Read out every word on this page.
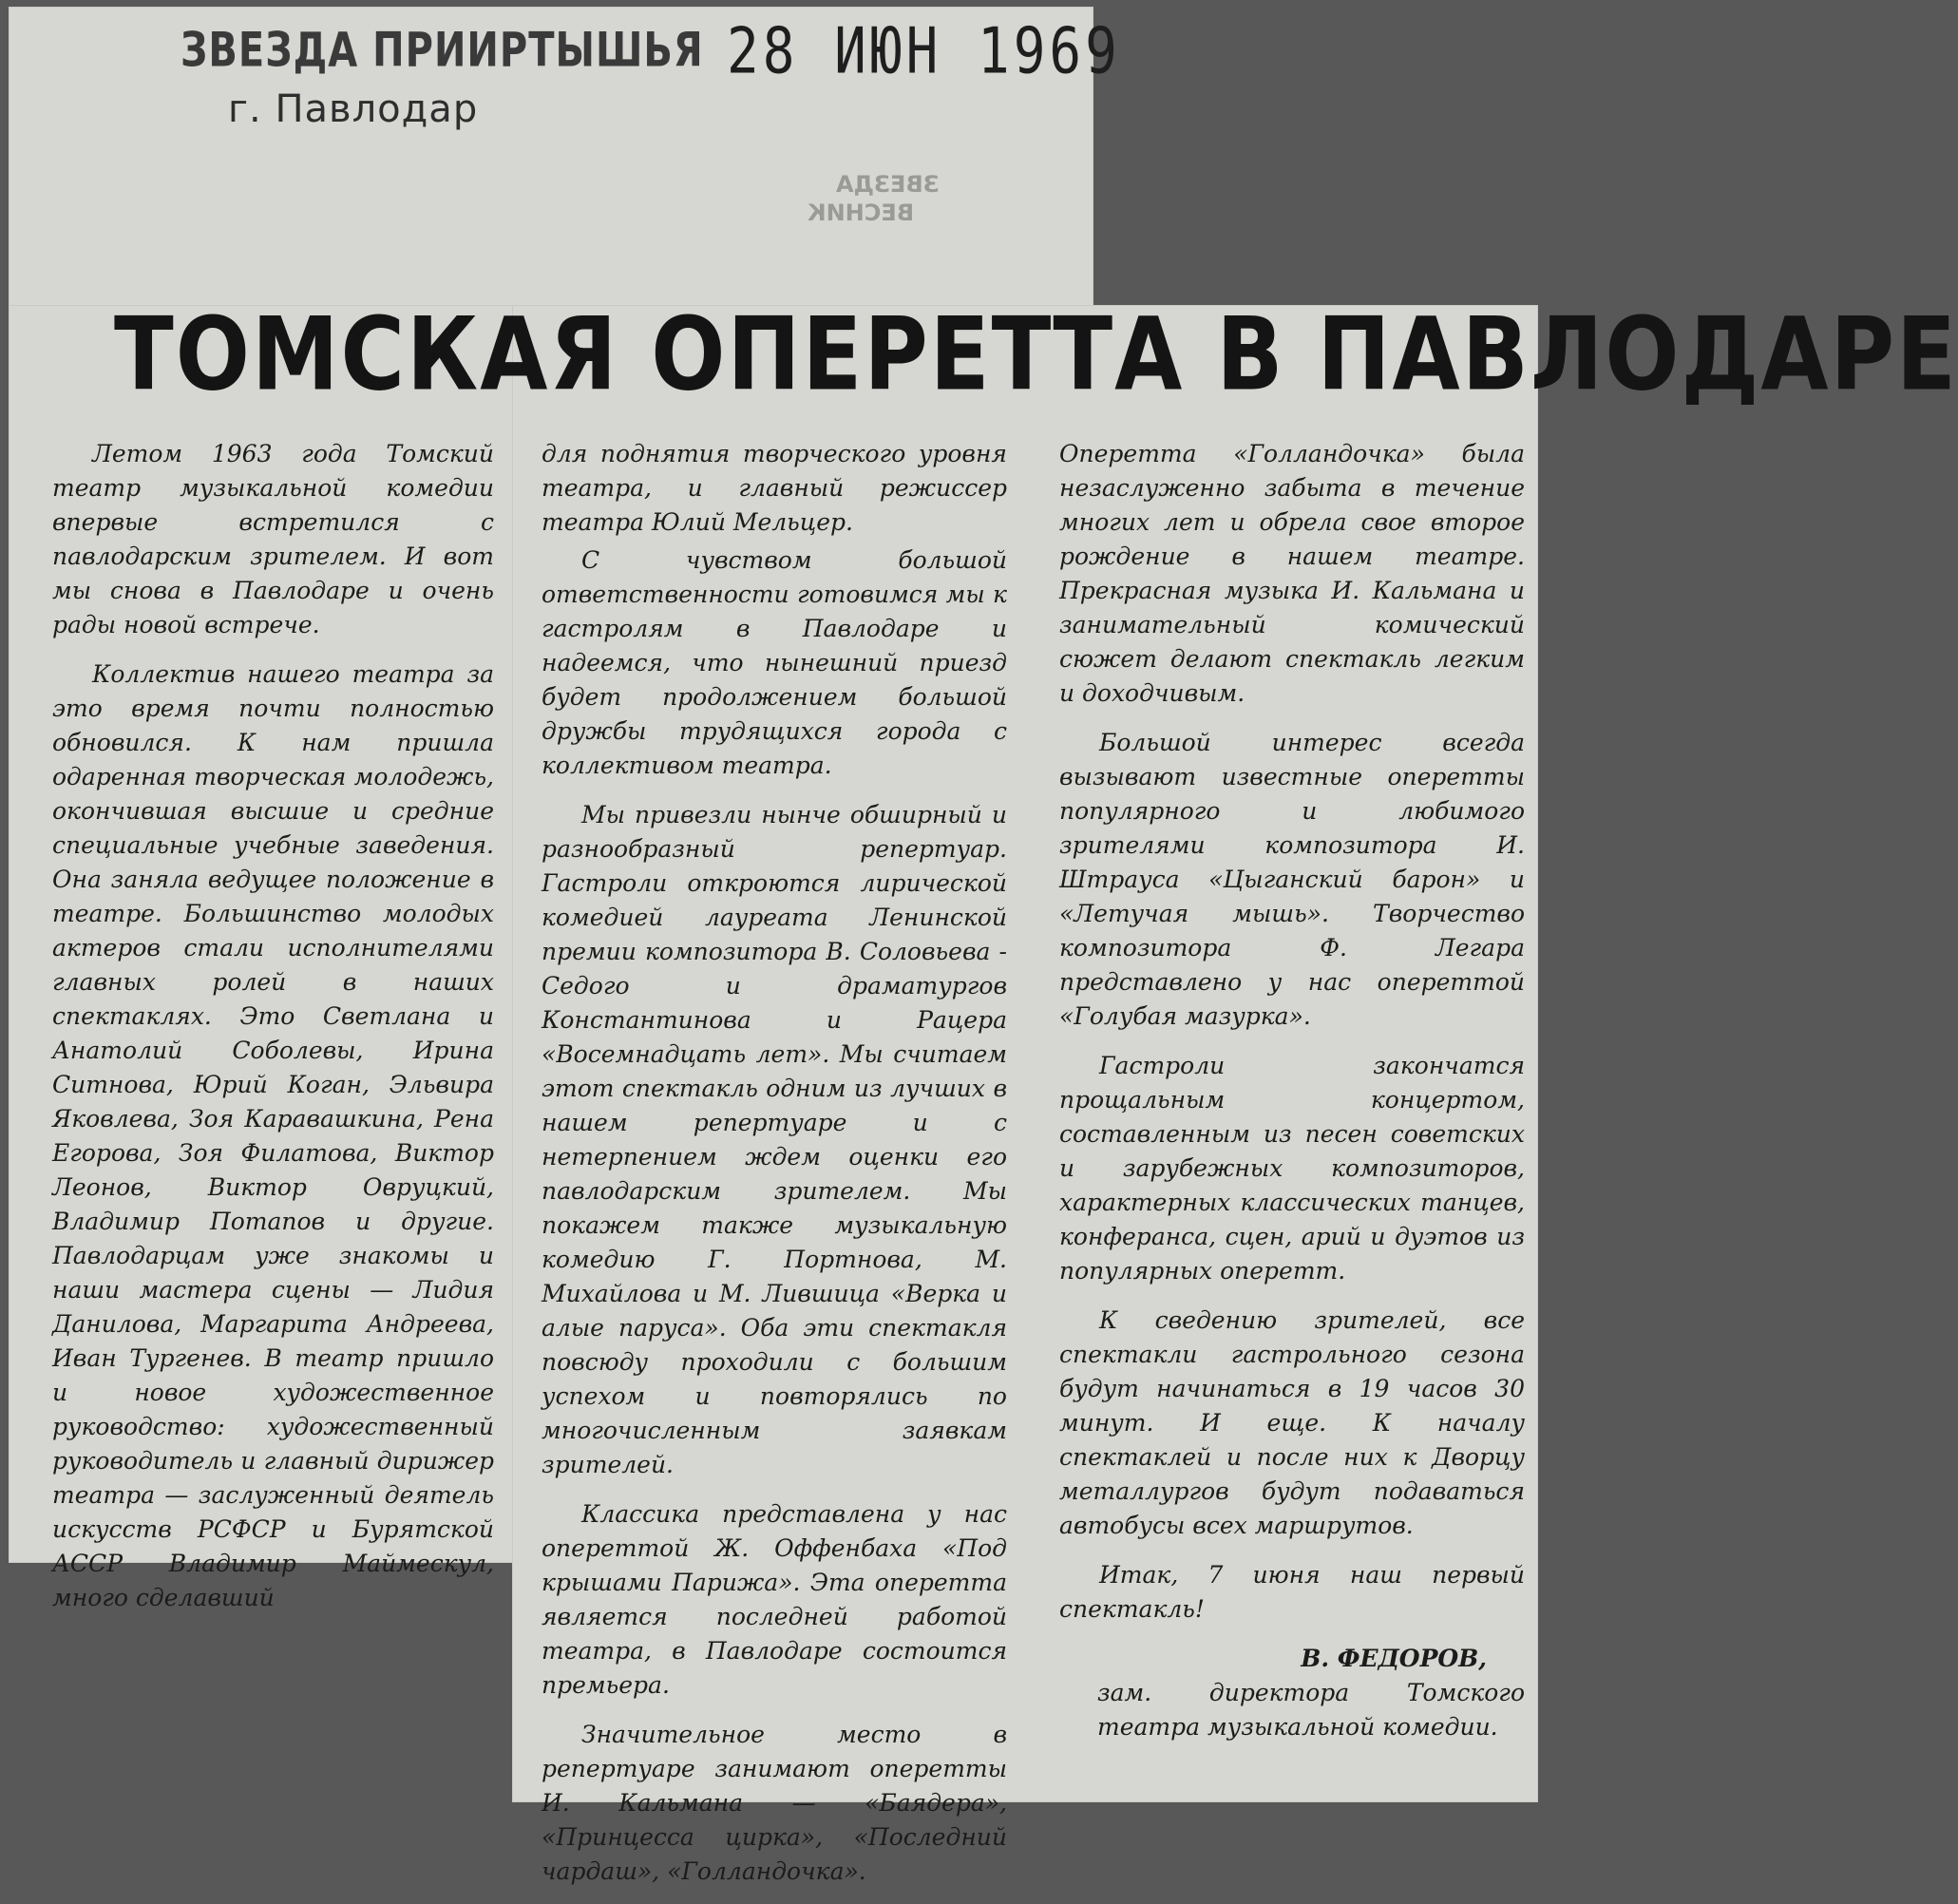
ЗВЕЗДА ПРИИРТЫШЬЯ
г. Павлодар
28 ИЮН 1969
ЗВЕЗДА
ВЕСНИК
ТОМСКАЯ ОПЕРЕТТА В ПАВЛОДАРЕ

Летом 1963 года Томский театр музыкальной комедии впервые встретился с павлодарским зрителем. И вот мы снова в Павлодаре и очень рады новой встрече.

Коллектив нашего театра за это время почти полностью обновился. К нам пришла одаренная творческая молодежь, окончившая высшие и средние специальные учебные заведения. Она заняла ведущее положение в театре. Большинство молодых актеров стали исполнителями главных ролей в наших спектаклях. Это Светлана и Анатолий Соболевы, Ирина Ситнова, Юрий Коган, Эльвира Яковлева, Зоя Каравашкина, Рена Егорова, Зоя Филатова, Виктор Леонов, Виктор Овруцкий, Владимир Потапов и другие. Павлодарцам уже знакомы и наши мастера сцены — Лидия Данилова, Маргарита Андреева, Иван Тургенев. В театр пришло и новое художественное руководство: художественный руководитель и главный дирижер театра — заслуженный деятель искусств РСФСР и Бурятской АССР Владимир Маймескул, много сделавший

для поднятия творческого уровня театра, и главный режиссер театра Юлий Мельцер.

С чувством большой ответственности готовимся мы к гастролям в Павлодаре и надеемся, что нынешний приезд будет продолжением большой дружбы трудящихся города с коллективом театра.

Мы привезли нынче обширный и разнообразный репертуар. Гастроли откроются лирической комедией лауреата Ленинской премии композитора В. Соловьева - Седого и драматургов Константинова и Рацера «Восемнадцать лет». Мы считаем этот спектакль одним из лучших в нашем репертуаре и с нетерпением ждем оценки его павлодарским зрителем. Мы покажем также музыкальную комедию Г. Портнова, М. Михайлова и М. Лившица «Верка и алые паруса». Оба эти спектакля повсюду проходили с большим успехом и повторялись по многочисленным заявкам зрителей.

Классика представлена у нас опереттой Ж. Оффенбаха «Под крышами Парижа». Эта оперетта является последней работой театра, в Павлодаре состоится премьера.

Значительное место в репертуаре занимают оперетты И. Кальмана — «Баядера», «Принцесса цирка», «Последний чардаш», «Голландочка».

Оперетта «Голландочка» была незаслуженно забыта в течение многих лет и обрела свое второе рождение в нашем театре. Прекрасная музыка И. Кальмана и занимательный комический сюжет делают спектакль легким и доходчивым.

Большой интерес всегда вызывают известные оперетты популярного и любимого зрителями композитора И. Штрауса «Цыганский барон» и «Летучая мышь». Творчество композитора Ф. Легара представлено у нас опереттой «Голубая мазурка».

Гастроли закончатся прощальным концертом, составленным из песен советских и зарубежных композиторов, характерных классических танцев, конферанса, сцен, арий и дуэтов из популярных оперетт.

К сведению зрителей, все спектакли гастрольного сезона будут начинаться в 19 часов 30 минут. И еще. К началу спектаклей и после них к Дворцу металлургов будут подаваться автобусы всех маршрутов.

Итак, 7 июня наш первый спектакль!

В. ФЕДОРОВ,
зам. директора Томского театра музыкальной комедии.
